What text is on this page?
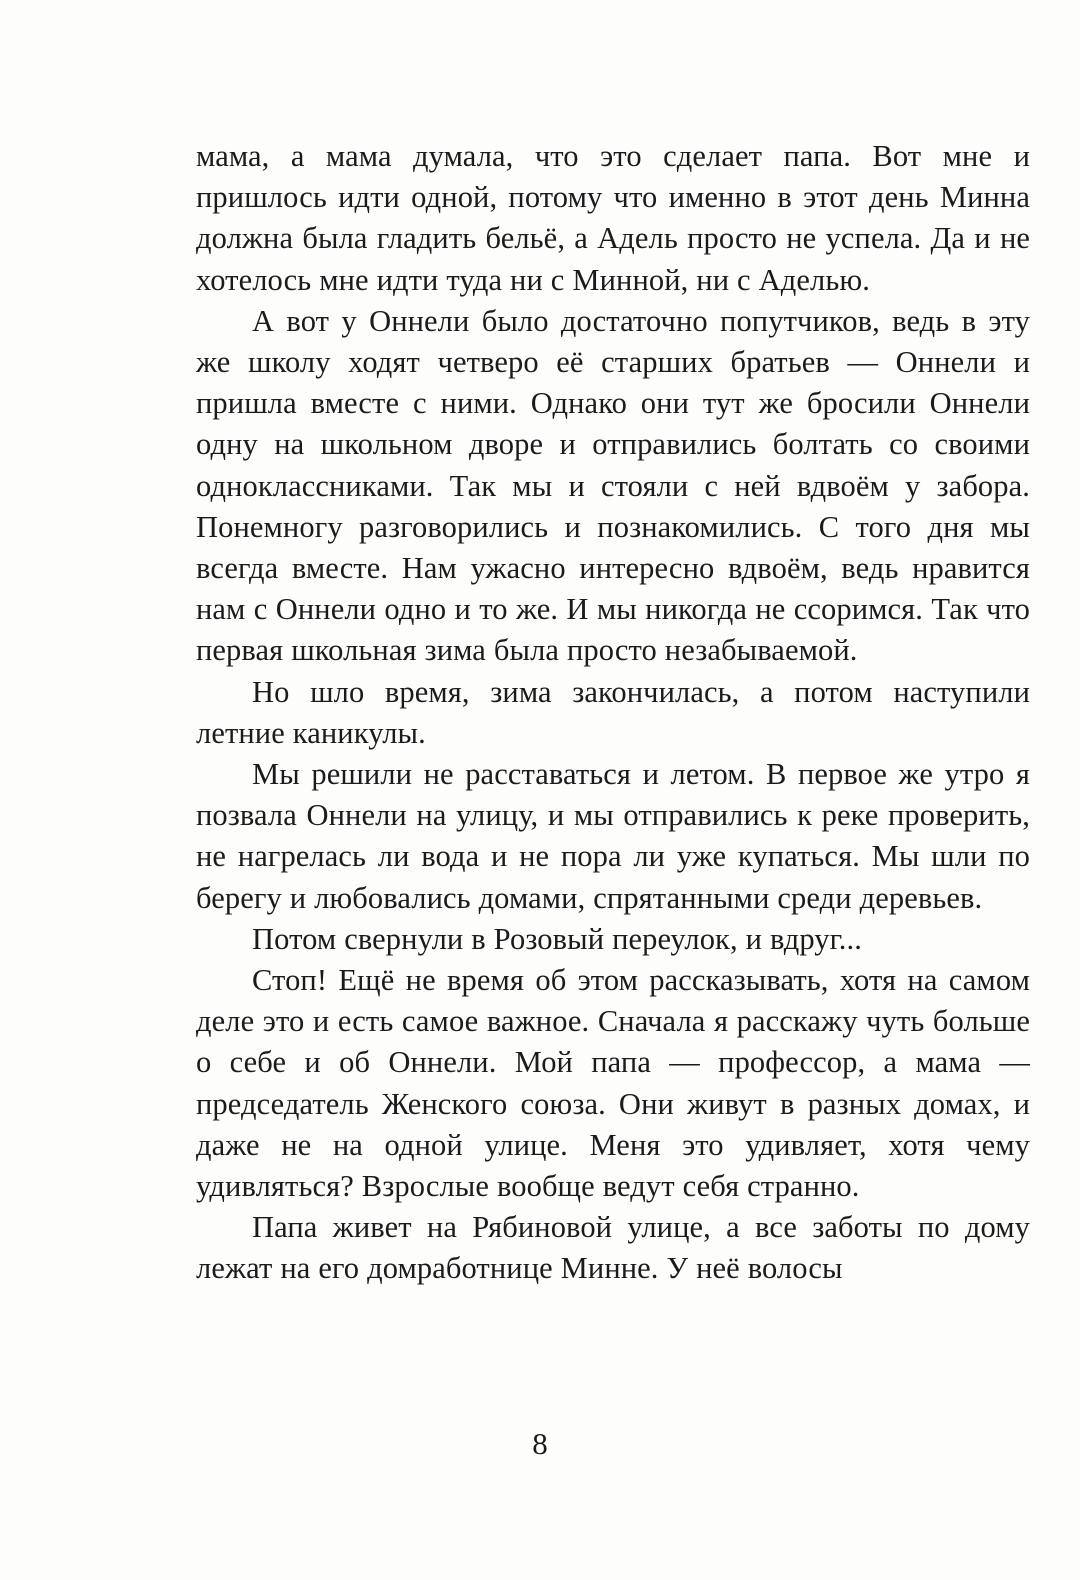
мама, а мама думала, что это сделает папа. Вот мне и пришлось идти одной, потому что именно в этот день Минна должна была гладить бельё, а Адель просто не успела. Да и не хотелось мне идти туда ни с Минной, ни с Аделью.

А вот у Оннели было достаточно попутчиков, ведь в эту же школу ходят четверо её старших братьев — Оннели и пришла вместе с ними. Однако они тут же бросили Оннели одну на школьном дворе и отправились болтать со своими одноклассниками. Так мы и стояли с ней вдвоём у забора. Понемногу разговорились и познакомились. С того дня мы всегда вместе. Нам ужасно интересно вдвоём, ведь нравится нам с Оннели одно и то же. И мы никогда не ссоримся. Так что первая школьная зима была просто незабываемой.

Но шло время, зима закончилась, а потом наступили летние каникулы.

Мы решили не расставаться и летом. В первое же утро я позвала Оннели на улицу, и мы отправились к реке проверить, не нагрелась ли вода и не пора ли уже купаться. Мы шли по берегу и любовались домами, спрятанными среди деревьев.

Потом свернули в Розовый переулок, и вдруг...

Стоп! Ещё не время об этом рассказывать, хотя на самом деле это и есть самое важное. Сначала я расскажу чуть больше о себе и об Оннели. Мой папа — профессор, а мама — председатель Женского союза. Они живут в разных домах, и даже не на одной улице. Меня это удивляет, хотя чему удивляться? Взрослые вообще ведут себя странно.

Папа живет на Рябиновой улице, а все заботы по дому лежат на его домработнице Минне. У неё волосы

8
